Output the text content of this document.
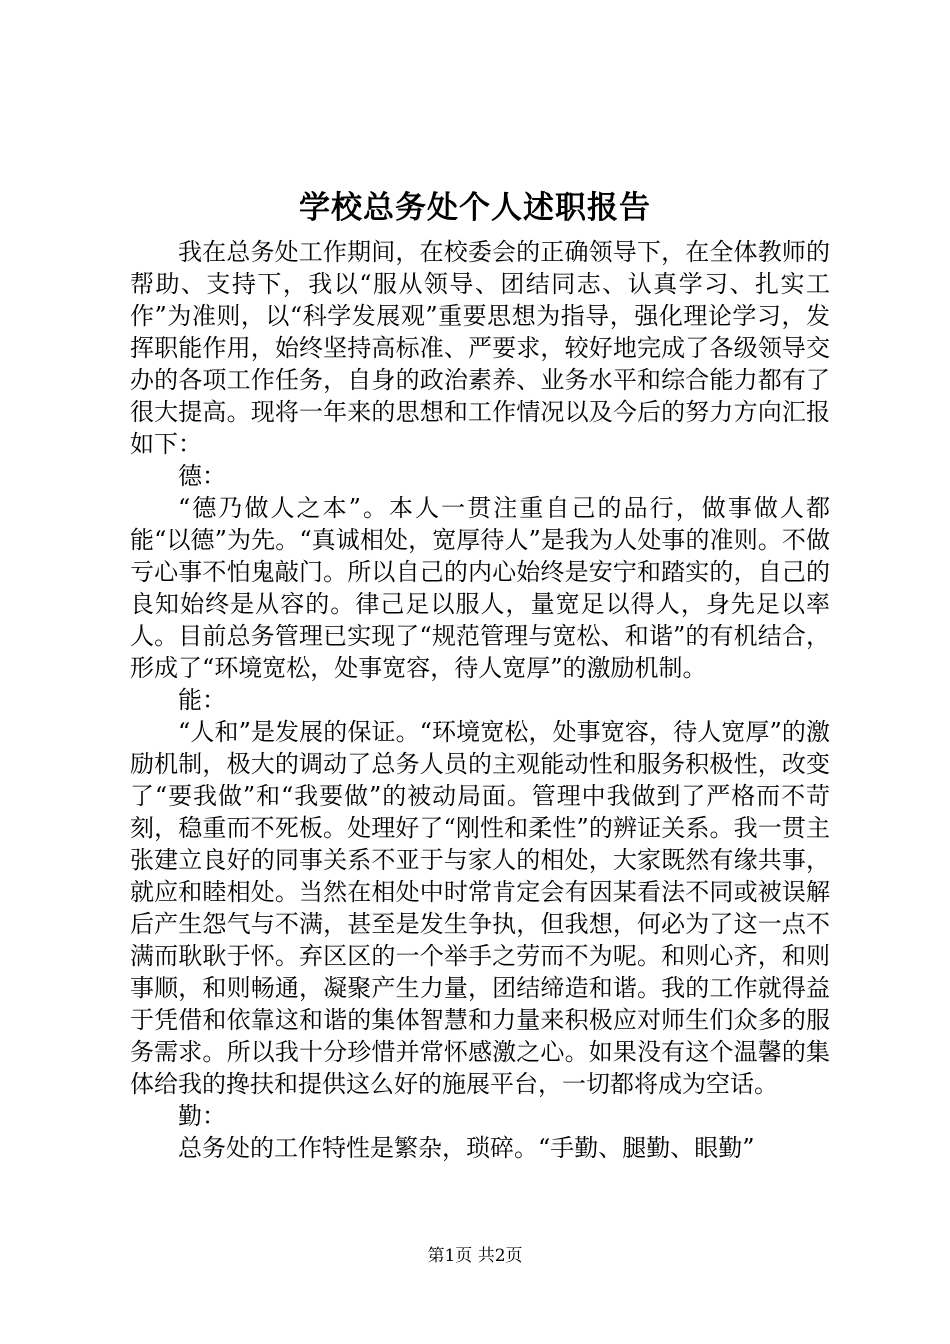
学校总务处个人述职报告

我在总务处工作期间，在校委会的正确领导下，在全体教师的帮助、支持下，我以“服从领导、团结同志、认真学习、扎实工作”为准则，以“科学发展观”重要思想为指导，强化理论学习，发挥职能作用，始终坚持高标准、严要求，较好地完成了各级领导交办的各项工作任务，自身的政治素养、业务水平和综合能力都有了很大提高。现将一年来的思想和工作情况以及今后的努力方向汇报如下：

德：

“德乃做人之本”。本人一贯注重自己的品行，做事做人都能“以德”为先。“真诚相处，宽厚待人”是我为人处事的准则。不做亏心事不怕鬼敲门。所以自己的内心始终是安宁和踏实的，自己的良知始终是从容的。律己足以服人，量宽足以得人，身先足以率人。目前总务管理已实现了“规范管理与宽松、和谐”的有机结合，形成了“环境宽松，处事宽容，待人宽厚”的激励机制。

能：

“人和”是发展的保证。“环境宽松，处事宽容，待人宽厚”的激励机制，极大的调动了总务人员的主观能动性和服务积极性，改变了“要我做”和“我要做”的被动局面。管理中我做到了严格而不苛刻，稳重而不死板。处理好了“刚性和柔性”的辨证关系。我一贯主张建立良好的同事关系不亚于与家人的相处，大家既然有缘共事，就应和睦相处。当然在相处中时常肯定会有因某看法不同或被误解后产生怨气与不满，甚至是发生争执，但我想，何必为了这一点不满而耿耿于怀。弃区区的一个举手之劳而不为呢。和则心齐，和则事顺，和则畅通，凝聚产生力量，团结缔造和谐。我的工作就得益于凭借和依靠这和谐的集体智慧和力量来积极应对师生们众多的服务需求。所以我十分珍惜并常怀感激之心。如果没有这个温馨的集体给我的搀扶和提供这么好的施展平台，一切都将成为空话。

勤：

总务处的工作特性是繁杂，琐碎。“手勤、腿勤、眼勤”

第1页 共2页
